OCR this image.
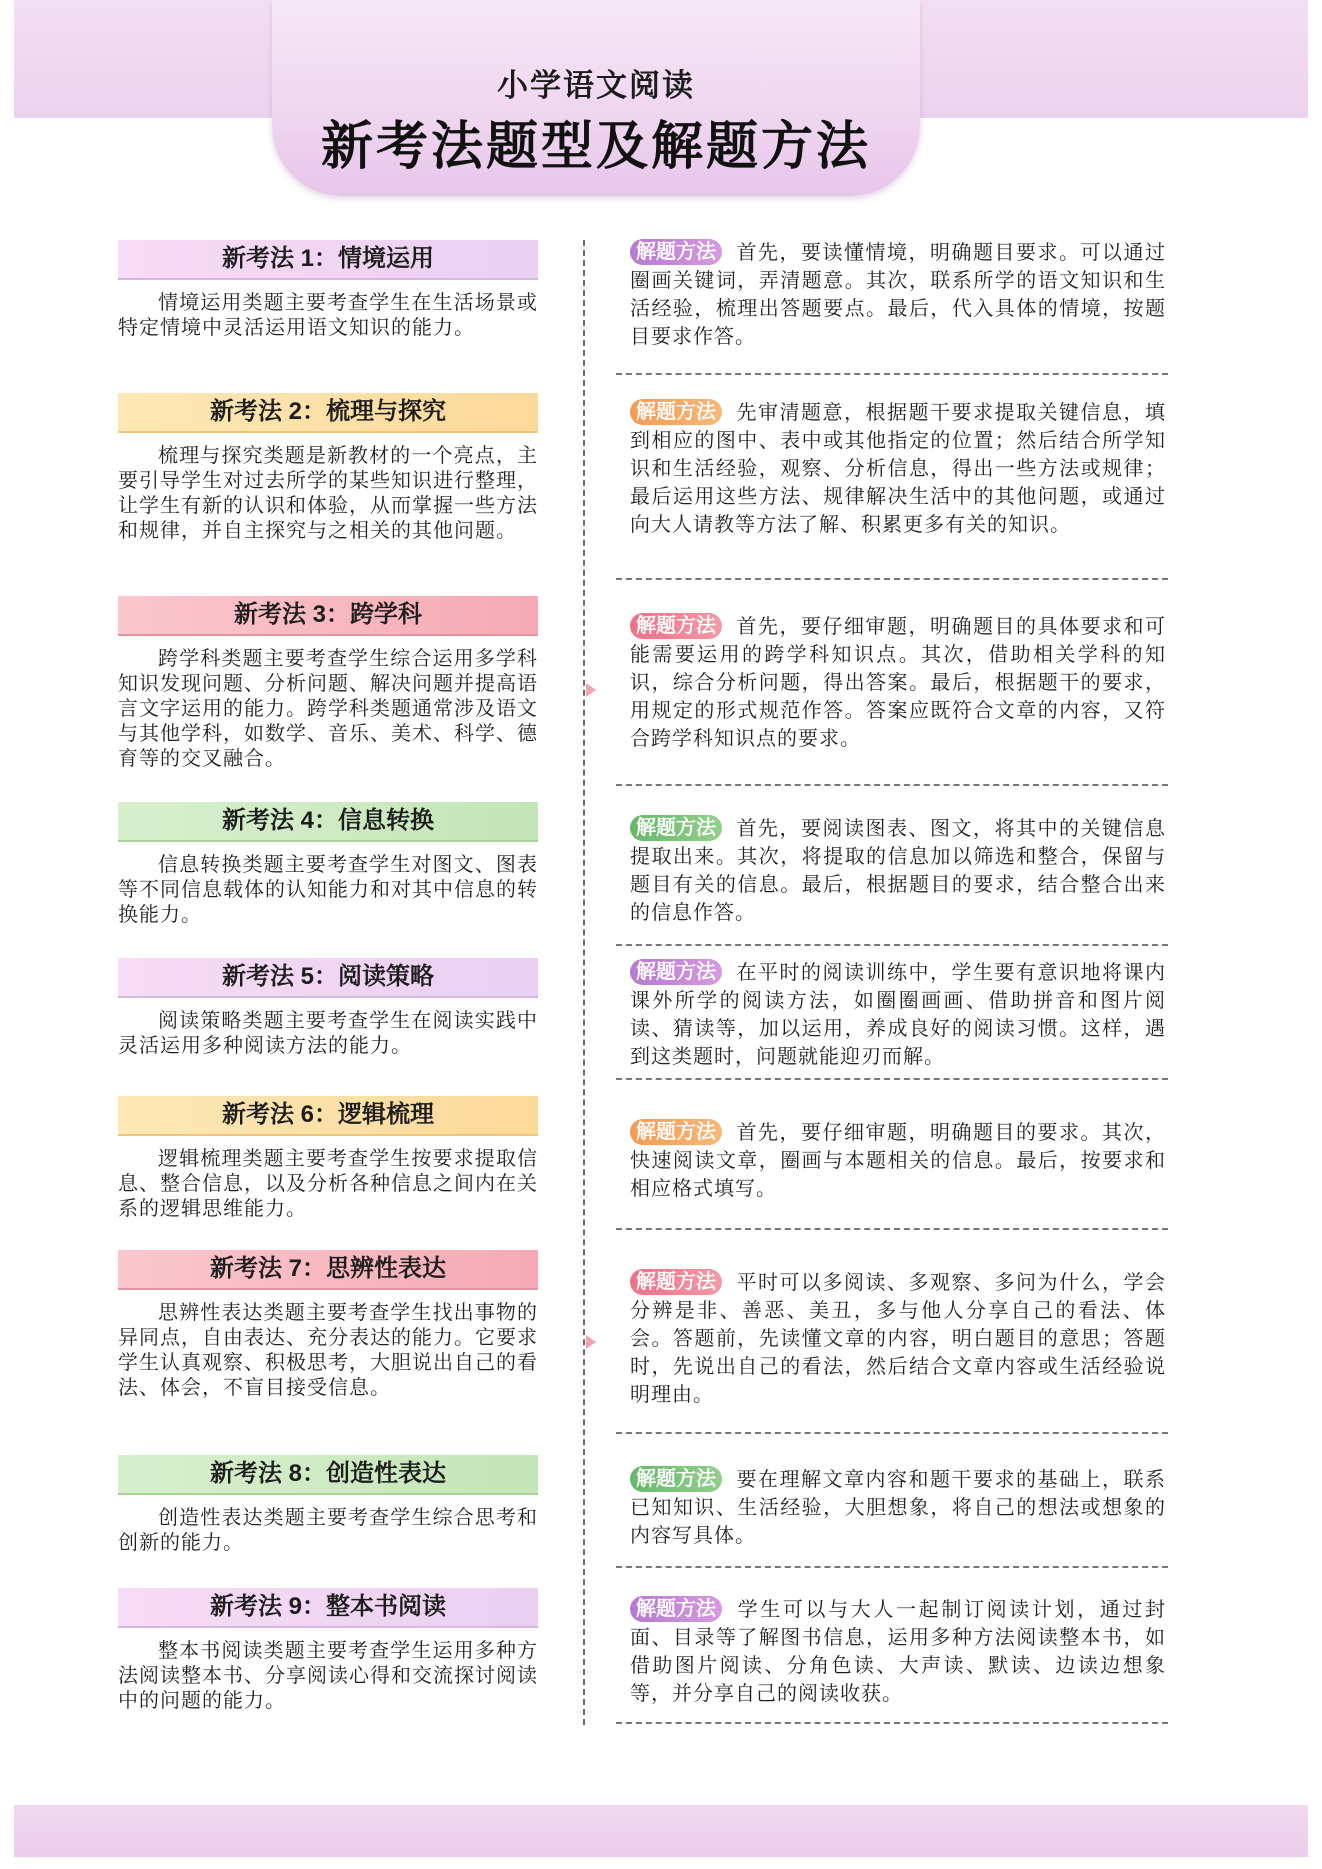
小学语文阅读
新考法题型及解题方法
新考法 1：情境运用
情境运用类题主要考查学生在生活场景或特定情境中灵活运用语文知识的能力。
解题方法 首先，要读懂情境，明确题目要求。可以通过圈画关键词，弄清题意。其次，联系所学的语文知识和生活经验，梳理出答题要点。最后，代入具体的情境，按题目要求作答。
新考法 2：梳理与探究
梳理与探究类题是新教材的一个亮点，主要引导学生对过去所学的某些知识进行整理，让学生有新的认识和体验，从而掌握一些方法和规律，并自主探究与之相关的其他问题。
解题方法 先审清题意，根据题干要求提取关键信息，填到相应的图中、表中或其他指定的位置；然后结合所学知识和生活经验，观察、分析信息，得出一些方法或规律；最后运用这些方法、规律解决生活中的其他问题，或通过向大人请教等方法了解、积累更多有关的知识。
新考法 3：跨学科
跨学科类题主要考查学生综合运用多学科知识发现问题、分析问题、解决问题并提高语言文字运用的能力。跨学科类题通常涉及语文与其他学科，如数学、音乐、美术、科学、德育等的交叉融合。
解题方法 首先，要仔细审题，明确题目的具体要求和可能需要运用的跨学科知识点。其次，借助相关学科的知识，综合分析问题，得出答案。最后，根据题干的要求，用规定的形式规范作答。答案应既符合文章的内容，又符合跨学科知识点的要求。
新考法 4：信息转换
信息转换类题主要考查学生对图文、图表等不同信息载体的认知能力和对其中信息的转换能力。
解题方法 首先，要阅读图表、图文，将其中的关键信息提取出来。其次，将提取的信息加以筛选和整合，保留与题目有关的信息。最后，根据题目的要求，结合整合出来的信息作答。
新考法 5：阅读策略
阅读策略类题主要考查学生在阅读实践中灵活运用多种阅读方法的能力。
解题方法 在平时的阅读训练中，学生要有意识地将课内课外所学的阅读方法，如圈圈画画、借助拼音和图片阅读、猜读等，加以运用，养成良好的阅读习惯。这样，遇到这类题时，问题就能迎刃而解。
新考法 6：逻辑梳理
逻辑梳理类题主要考查学生按要求提取信息、整合信息，以及分析各种信息之间内在关系的逻辑思维能力。
解题方法 首先，要仔细审题，明确题目的要求。其次，快速阅读文章，圈画与本题相关的信息。最后，按要求和相应格式填写。
新考法 7：思辨性表达
思辨性表达类题主要考查学生找出事物的异同点，自由表达、充分表达的能力。它要求学生认真观察、积极思考，大胆说出自己的看法、体会，不盲目接受信息。
解题方法 平时可以多阅读、多观察、多问为什么，学会分辨是非、善恶、美丑，多与他人分享自己的看法、体会。答题前，先读懂文章的内容，明白题目的意思；答题时，先说出自己的看法，然后结合文章内容或生活经验说明理由。
新考法 8：创造性表达
创造性表达类题主要考查学生综合思考和创新的能力。
解题方法 要在理解文章内容和题干要求的基础上，联系已知知识、生活经验，大胆想象，将自己的想法或想象的内容写具体。
新考法 9：整本书阅读
整本书阅读类题主要考查学生运用多种方法阅读整本书、分享阅读心得和交流探讨阅读中的问题的能力。
解题方法 学生可以与大人一起制订阅读计划，通过封面、目录等了解图书信息，运用多种方法阅读整本书，如借助图片阅读、分角色读、大声读、默读、边读边想象等，并分享自己的阅读收获。
